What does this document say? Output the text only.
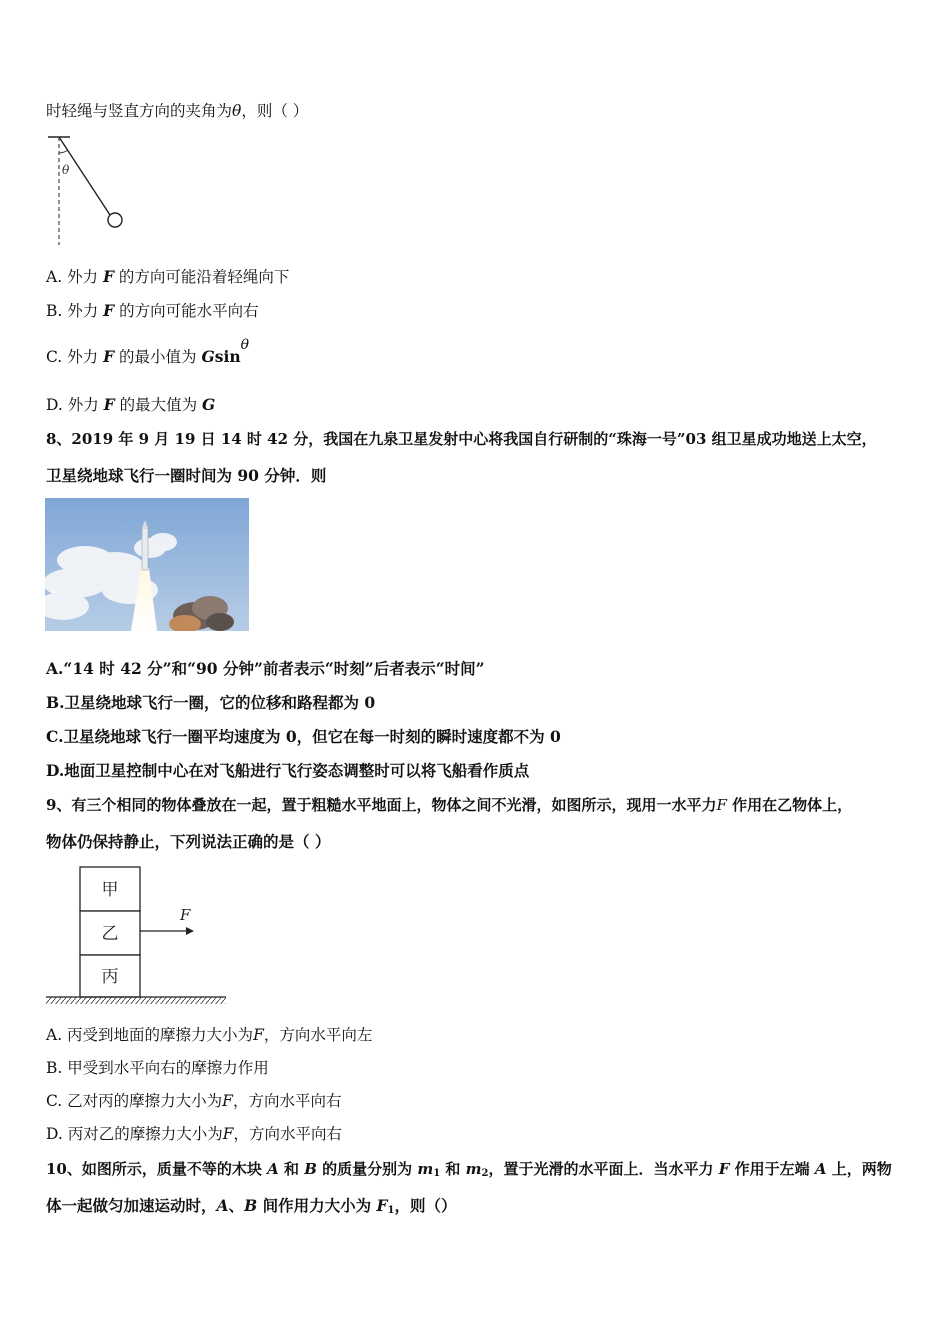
时轻绳与竖直方向的夹角为θ，则（ ）
θ
A. 外力 F 的方向可能沿着轻绳向下
B. 外力 F 的方向可能水平向右
C. 外力 F 的最小值为 Gsinθ
D. 外力 F 的最大值为 G
8、2019 年 9 月 19 日 14 时 42 分，我国在九泉卫星发射中心将我国自行研制的“珠海一号”03 组卫星成功地送上太空，
卫星绕地球飞行一圈时间为 90 分钟．则
A.“14 时 42 分”和“90 分钟”前者表示“时刻”后者表示“时间”
B.卫星绕地球飞行一圈，它的位移和路程都为 0
C.卫星绕地球飞行一圈平均速度为 0，但它在每一时刻的瞬时速度都不为 0
D.地面卫星控制中心在对飞船进行飞行姿态调整时可以将飞船看作质点
9、有三个相同的物体叠放在一起，置于粗糙水平地面上，物体之间不光滑，如图所示，现用一水平力F 作用在乙物体上，
物体仍保持静止，下列说法正确的是（ ）
甲
乙
丙
F
A. 丙受到地面的摩擦力大小为F，方向水平向左
B. 甲受到水平向右的摩擦力作用
C. 乙对丙的摩擦力大小为F，方向水平向右
D. 丙对乙的摩擦力大小为F，方向水平向右
10、如图所示，质量不等的木块 A 和 B 的质量分别为 $m_1$ 和 $m_2$，置于光滑的水平面上．当水平力 F 作用于左端 A 上，两物
体一起做匀加速运动时，A、B 间作用力大小为 $F_1$，则（）
